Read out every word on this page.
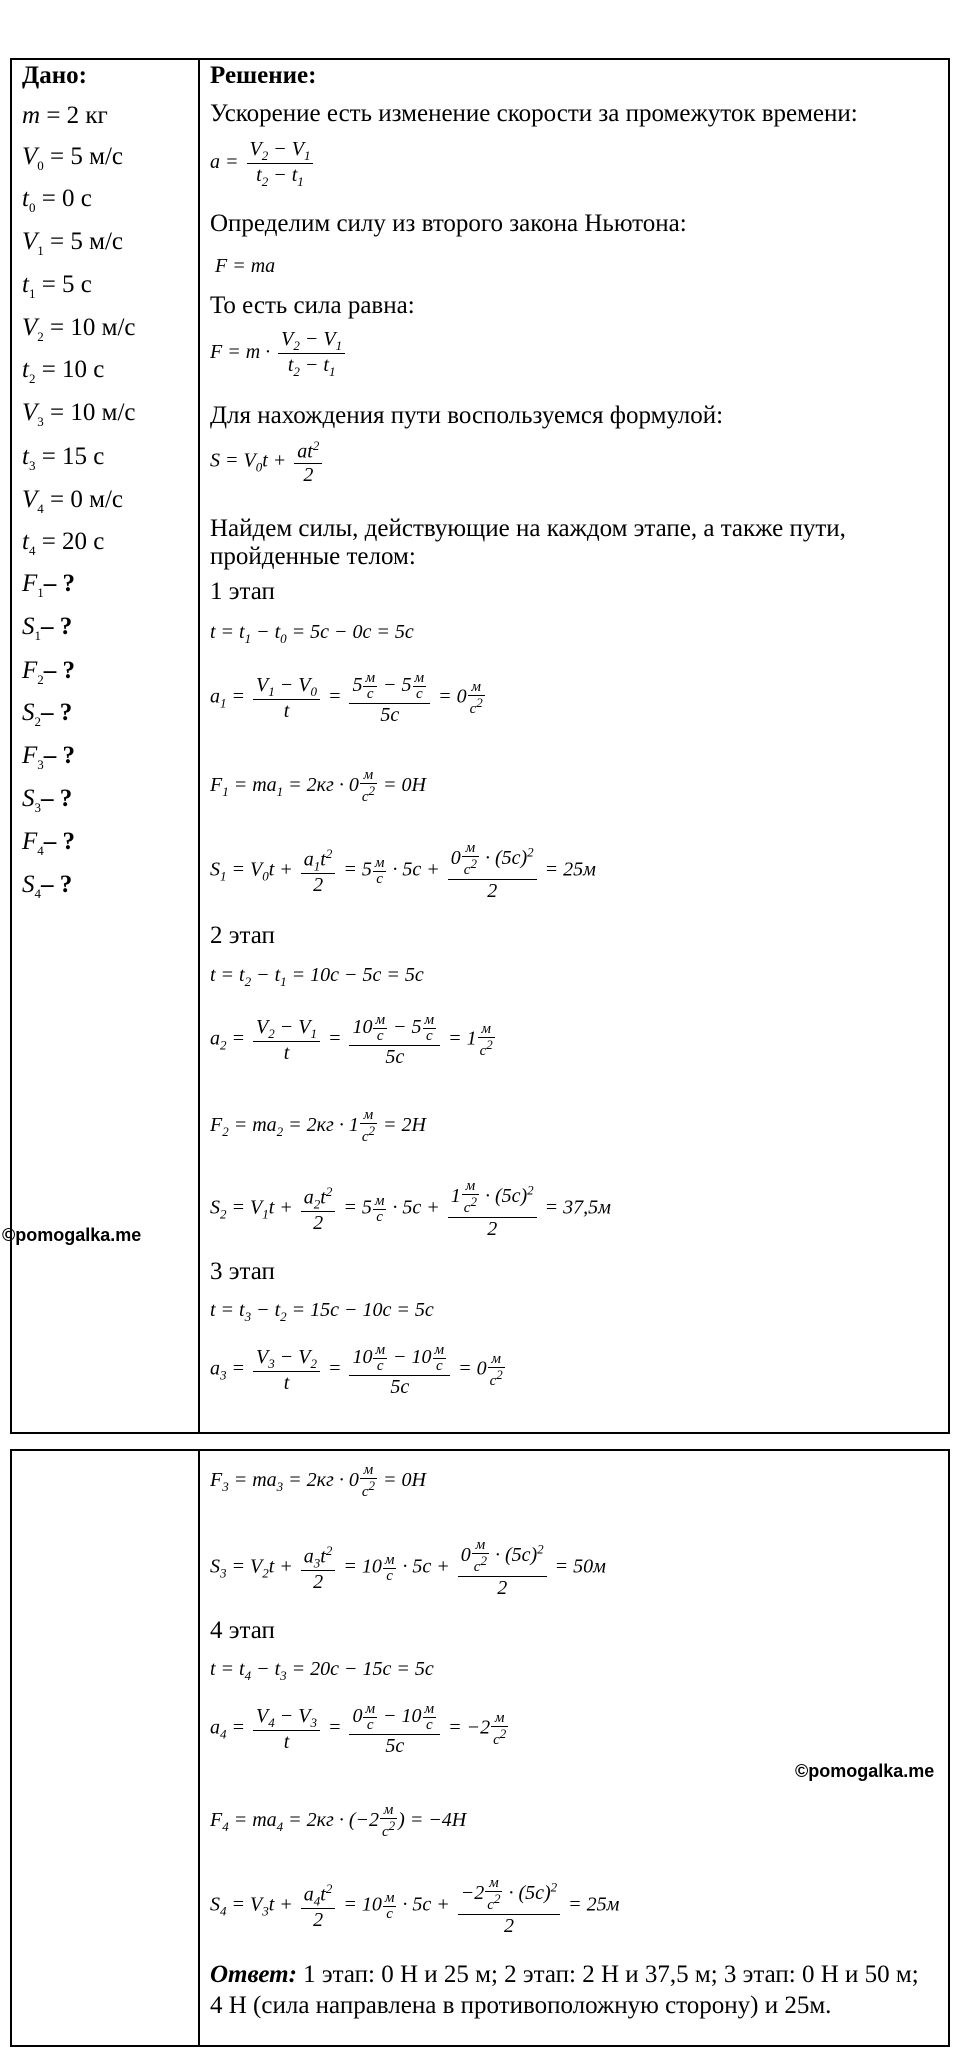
Дано:
m = 2 кг
$V_0 = 5$ м/с
$t_0 = 0$ с
$V_1 = 5$ м/с
$t_1 = 5$ с
$V_2 = 10$ м/с
$t_2 = 10$ с
$V_3 = 10$ м/с
$t_3 = 15$ с
$V_4 = 0$ м/с
$t_4 = 20$ с
$F_1-$ ?
$S_1-$ ?
$F_2-$ ?
$S_2-$ ?
$F_3-$ ?
$S_3-$ ?
$F_4-$ ?
$S_4-$ ?
Решение:
Ускорение есть изменение скорости за промежуток времени:
$a = \frac{V_2 - V_1}{t_2 - t_1}$
Определим силу из второго закона Ньютона:
F = ma
То есть сила равна:
$F = m \cdot \frac{V_2 - V_1}{t_2 - t_1}$
Для нахождения пути воспользуемся формулой:
$S = V_0t + \frac{at^2}{2}$
Найдем силы, действующие на каждом этапе, а также пути,
пройденные телом:
1 этап
$t = t_1 - t_0 = 5c - 0c = 5c$
$a_1 = \frac{V_1 - V_0}{t} = \frac{5 \frac{м}{с} - 5 \frac{м}{с}}{5c} = 0 \frac{м}{c^2}$
$F_1 = ma_1 = 2кг \cdot 0 \frac{м}{c^2} = 0H$
$S_1 = V_0t + \frac{a_1t^2}{2} = 5 \frac{м}{с} \cdot 5c + \frac{0 \frac{м}{c^2} \cdot (5c)^2}{2} = 25м$
2 этап
$t = t_2 - t_1 = 10c - 5c = 5c$
$a_2 = \frac{V_2 - V_1}{t} = \frac{10 \frac{м}{с} - 5 \frac{м}{с}}{5c} = 1 \frac{м}{c^2}$
$F_2 = ma_2 = 2кг \cdot 1 \frac{м}{c^2} = 2H$
$S_2 = V_1t + \frac{a_2t^2}{2} = 5 \frac{м}{с} \cdot 5c + \frac{1 \frac{м}{c^2} \cdot (5c)^2}{2} = 37,5м$
3 этап
$t = t_3 - t_2 = 15c - 10c = 5c$
$a_3 = \frac{V_3 - V_2}{t} = \frac{10 \frac{м}{с} - 10 \frac{м}{с}}{5c} = 0 \frac{м}{c^2}$
©pomogalka.me
$F_3 = ma_3 = 2кг \cdot 0 \frac{м}{c^2} = 0H$
$S_3 = V_2t + \frac{a_3t^2}{2} = 10 \frac{м}{с} \cdot 5c + \frac{0 \frac{м}{c^2} \cdot (5c)^2}{2} = 50м$
4 этап
$t = t_4 - t_3 = 20c - 15c = 5c$
$a_4 = \frac{V_4 - V_3}{t} = \frac{0 \frac{м}{с} - 10 \frac{м}{с}}{5c} = -2 \frac{м}{c^2}$
$F_4 = ma_4 = 2кг \cdot (-2 \frac{м}{c^2}$ ) = −4H
$S_4 = V_3t + \frac{a_4t^2}{2} = 10 \frac{м}{с} \cdot 5c + \frac{-2 \frac{м}{c^2} \cdot (5c)^2}{2} = 25м$
Ответ: 1 этап: 0 Н и 25 м; 2 этап: 2 Н и 37,5 м; 3 этап: 0 Н и 50 м; 4 Н (сила направлена в противоположную сторону) и 25м.
©pomogalka.me
